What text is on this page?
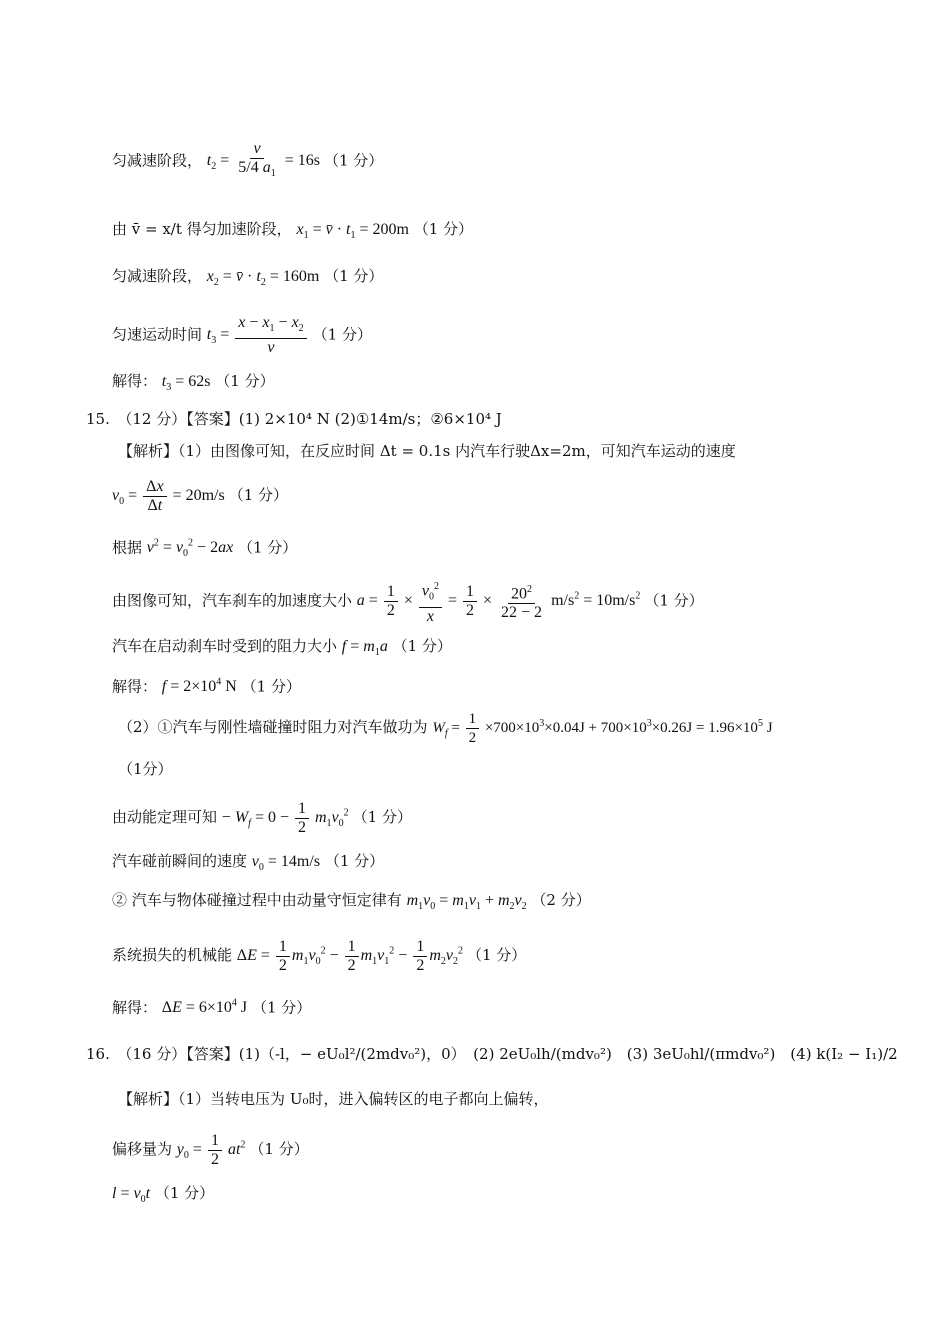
匀减速阶段， $t_2 = \frac{v}{5/4 a_1} = 16s$ （1 分）
由 v̄ = x/t 得匀加速阶段， $x_1$ = v̄ · $t_1 = 200m$ （1 分）
匀减速阶段， $x_2$ = v̄ · $t_2 = 160m$ （1 分）
匀速运动时间 $t_3 = \frac{x - x_1 - x_2}{v} (1$ 分）
解得： $t_3 = 62s$ （1 分）
15.　（12 分）【答案】(1) 2×10⁴ N (2)①14m/s；②6×10⁴ J
【解析】（1）由图像可知，在反应时间 Δt = 0.1s 内汽车行驶Δx=2m，可知汽车运动的速度
$v_0 = \frac{\Delta x}{\Delta t} = 20m/s$ （1 分）
根据 $v^2 = v_0^2 - 2ax$ （1 分）
由图像可知，汽车刹车的加速度大小 $a = \frac{1}{2} \times \frac{v_0^2}{x} = \frac{1}{2} \times \frac{20^2}{22 - 2} m/s^2 = 10m/s^2$ （1 分）
汽车在启动刹车时受到的阻力大小 $f = m_1a$ （1 分）
解得： $f = 2\times 10^4$ N （1 分）
（2）①汽车与刚性墙碰撞时阻力对汽车做功为 $W_f = \frac{1}{2} \times 700\times 10^3\times 0.04J + 700\times 10^3\times 0.26J = 1.96\times 10^5$ J
（1分）
由动能定理可知 − $W_f = 0 - \frac{1}{2} m_1v_0^2$ （1 分）
汽车碰前瞬间的速度 $v_0 = 14m/s$ （1 分）
② 汽车与物体碰撞过程中由动量守恒定律有 $m_1v_0 = m_1v_1 + m_2v_2$ （2 分）
系统损失的机械能 $\Delta E = \frac{1}{2} m_1v_0^2 - \frac{1}{2} m_1v_1^2 - \frac{1}{2} m_2v_2^2$ （1 分）
解得： $\Delta E = 6\times 10^4$ J （1 分）
16.　（16 分）【答案】(1)（-l，− eU₀l²/(2mdv₀²)，0）　(2) 2eU₀lh/(mdv₀²)　(3) 3eU₀hl/(πmdv₀²)　(4) k(I₂ − I₁)/2
【解析】（1）当转电压为 U₀时，进入偏转区的电子都向上偏转，
偏移量为 $y_0 = \frac{1}{2} at^2$ （1 分）
$l = v_0t$ （1 分）
